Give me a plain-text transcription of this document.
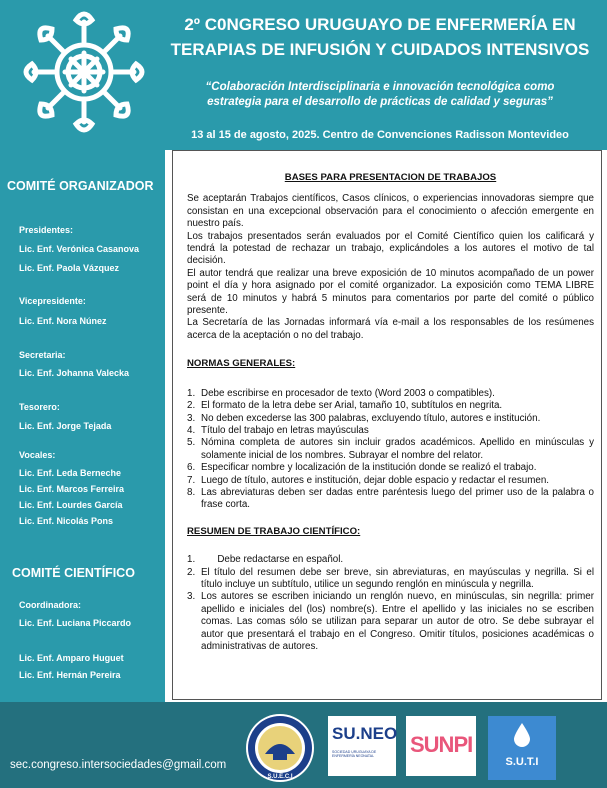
2º C0NGRESO URUGUAYO DE ENFERMERÍA EN
TERAPIAS DE INFUSIÓN Y CUIDADOS INTENSIVOS
“Colaboración Interdisciplinaria e innovación tecnológica como
estrategia para el desarrollo de prácticas de calidad y seguras”
13 al 15 de agosto, 2025. Centro de Convenciones Radisson Montevideo
COMITÉ ORGANIZADOR
Presidentes:
Lic. Enf. Verónica Casanova
Lic. Enf. Paola Vázquez
Vicepresidente:
Lic. Enf. Nora Núnez
Secretaria:
Lic. Enf. Johanna Valecka
Tesorero:
Lic. Enf. Jorge Tejada
Vocales:
Lic. Enf. Leda Berneche
Lic. Enf. Marcos Ferreira
Lic. Enf. Lourdes García
Lic. Enf. Nicolás Pons
COMITÉ CIENTÍFICO
Coordinadora:
Lic. Enf. Luciana Piccardo
Lic. Enf. Amparo Huguet
Lic. Enf. Hernán Pereira
BASES PARA PRESENTACION DE TRABAJOS

Se aceptarán Trabajos científicos, Casos clínicos, o experiencias innovadoras siempre que consistan en una excepcional observación para el conocimiento o afección emergente en nuestro país.

Los trabajos presentados serán evaluados por el Comité Científico quien los calificará y tendrá la potestad de rechazar un trabajo, explicándoles a los autores el motivo de tal decisión.

El autor tendrá que realizar una breve exposición de 10 minutos acompañado de un power point el día y hora asignado por el comité organizador. La exposición como TEMA LIBRE será de 10 minutos y habrá 5 minutos para comentarios por parte del comité o público presente.

La Secretaría de las Jornadas informará vía e-mail a los responsables de los resúmenes acerca de la aceptación o no del trabajo.

NORMAS GENERALES:
1. Debe escribirse en procesador de texto (Word 2003 o compatibles).
2. El formato de la letra debe ser Arial, tamaño 10, subtítulos en negrita.
3. No deben excederse las 300 palabras, excluyendo título, autores e institución.
4. Título del trabajo en letras mayúsculas
5. Nómina completa de autores sin incluir grados académicos. Apellido en minúsculas y solamente inicial de los nombres. Subrayar el nombre del relator.
6. Especificar nombre y localización de la institución donde se realizó el trabajo.
7. Luego de título, autores e institución, dejar doble espacio y redactar el resumen.
8. Las abreviaturas deben ser dadas entre paréntesis luego del primer uso de la palabra o frase corta.
RESUMEN DE TRABAJO CIENTÍFICO:
1. Debe redactarse en español.
2. El título del resumen debe ser breve, sin abreviaturas, en mayúsculas y negrilla. Si el título incluye un subtítulo, utilice un segundo renglón en minúscula y negrilla.
3. Los autores se escriben iniciando un renglón nuevo, en minúsculas, sin negrilla: primer apellido e iniciales del (los) nombre(s). Entre el apellido y las iniciales no se escriben comas. Las comas sólo se utilizan para separar un autor de otro. Se debe subrayar el autor que presentará el trabajo en el Congreso. Omitir títulos, posiciones académicas o administrativas de autores.
sec.congreso.intersociedades@gmail.com
S.U.E.C.I
SU.NEO
SOCIEDAD URUGUAYA DE ENFERMERÍA NEONATAL	SUNPI
S.U.T.I
